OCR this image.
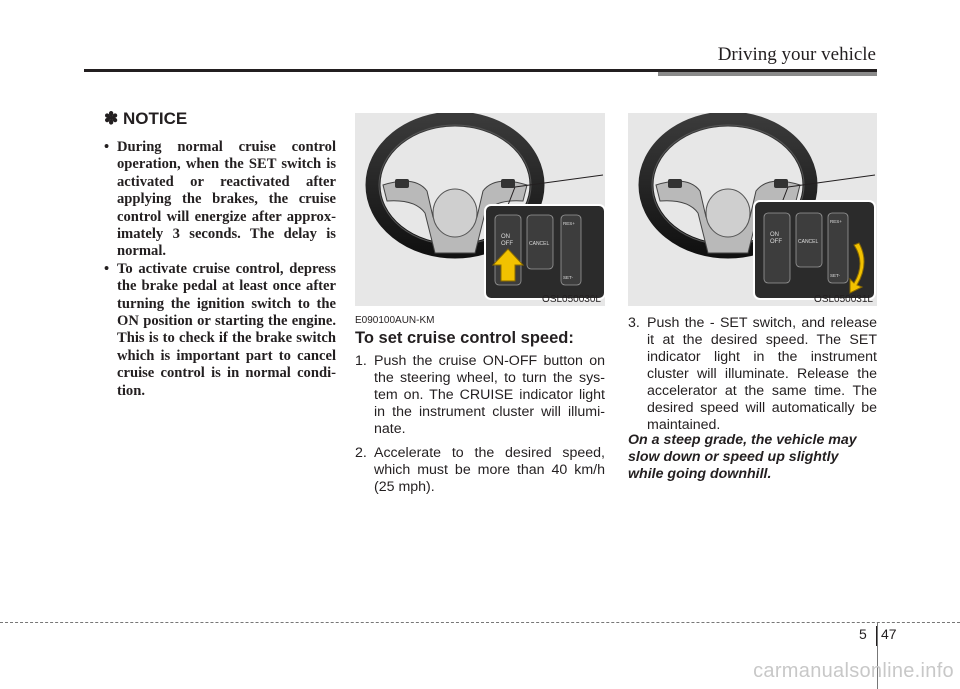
Driving your vehicle
✽ NOTICE
• During normal cruise control operation, when the SET switch is activated or reactivated after applying the brakes, the cruise control will energize after approx-imately 3 seconds. The delay is normal.
• To activate cruise control, depress the brake pedal at least once after turning the ignition switch to the ON position or starting the engine. This is to check if the brake switch which is important part to cancel cruise control is in normal condi-tion.
ON
OFF	CANCEL
RES+
SET-
OSL050030L
ON
OFF	CANCEL
RES+
SET-
OSL050031L
E090100AUN-KM
To set cruise control speed:
1. Push the cruise ON-OFF button on the steering wheel, to turn the sys-tem on. The CRUISE indicator light in the instrument cluster will illumi-nate.
2. Accelerate to the desired speed, which must be more than 40 km/h (25 mph).
3. Push the - SET switch, and release it at the desired speed. The SET indicator light in the instrument cluster will illuminate. Release the accelerator at the same time. The desired speed will automatically be maintained.
On a steep grade, the vehicle may slow down or speed up slightly while going downhill.
5 47
carmanualsonline.info
